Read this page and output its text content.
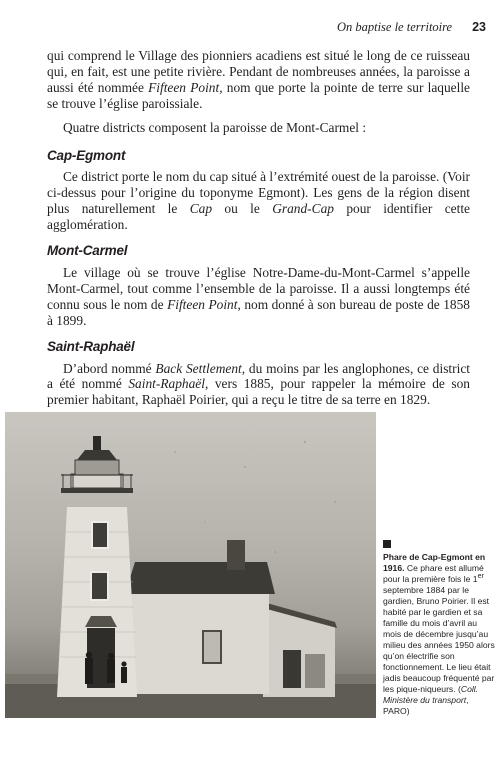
On baptise le territoire 23

qui comprend le Village des pionniers acadiens est situé le long de ce ruisseau qui, en fait, est une petite rivière. Pendant de nombreuses années, la paroisse a aussi été nommée Fifteen Point, nom que porte la pointe de terre sur laquelle se trouve l’église paroissiale.

Quatre districts composent la paroisse de Mont-Carmel :

Cap-Egmont

Ce district porte le nom du cap situé à l’extrémité ouest de la paroisse. (Voir ci-dessus pour l’origine du toponyme Egmont). Les gens de la région disent plus naturellement le Cap ou le Grand-Cap pour identifier cette agglomération.

Mont-Carmel

Le village où se trouve l’église Notre-Dame-du-Mont-Carmel s’appelle Mont-Carmel, tout comme l’ensemble de la paroisse. Il a aussi longtemps été connu sous le nom de Fifteen Point, nom donné à son bureau de poste de 1858 à 1899.

Saint-Raphaël

D’abord nommé Back Settlement, du moins par les anglophones, ce district a été nommé Saint-Raphaël, vers 1885, pour rappeler la mémoire de son premier habitant, Raphaël Poirier, qui a reçu le titre de sa terre en 1829.

Phare de Cap-Egmont en 1916. Ce phare est allumé pour la première fois le 1er septembre 1884 par le gardien, Bruno Poirier. Il est habité par le gardien et sa famille du mois d’avril au mois de décembre jusqu’au milieu des années 1950 alors qu’on électrifie son fonctionnement. Le lieu était jadis beaucoup fréquenté par les pique-niqueurs. (Coll. Ministère du transport, PARO)
